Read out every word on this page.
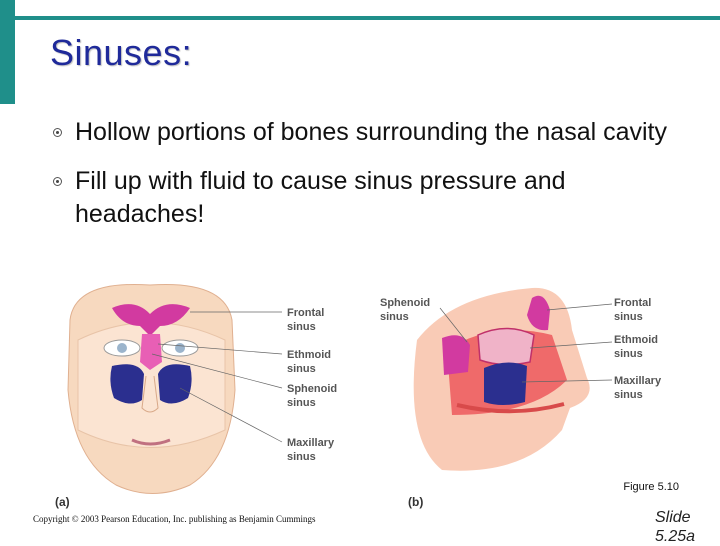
Sinuses:
Hollow portions of bones surrounding the nasal cavity
Fill up with fluid to cause sinus pressure and headaches!
Frontal sinus
Ethmoid sinus
Sphenoid sinus
Maxillary sinus
Sphenoid sinus
Frontal sinus
Ethmoid sinus
Maxillary sinus
(a)	(b)
Figure 5.10
Copyright © 2003 Pearson Education, Inc. publishing as Benjamin Cummings	Slide 5.25a
